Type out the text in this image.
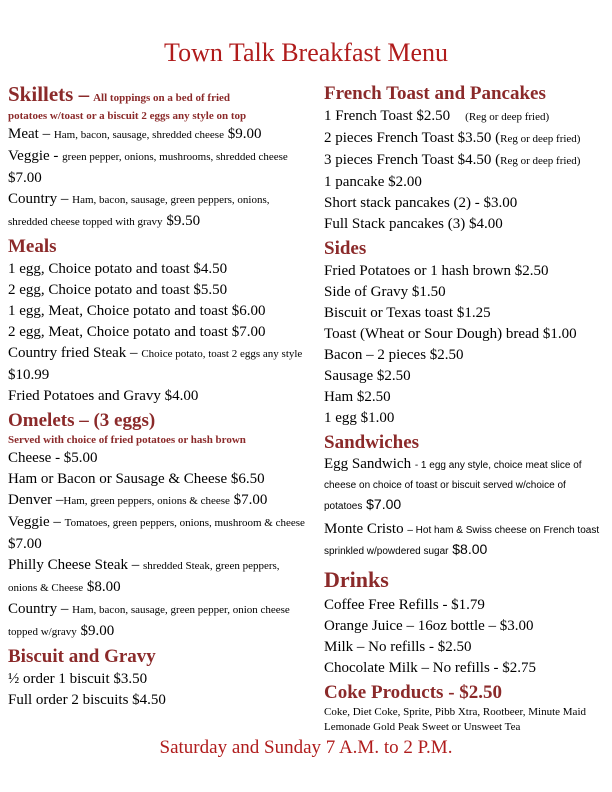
Town Talk Breakfast Menu
Skillets – All toppings on a bed of fried
potatoes w/toast or a biscuit 2 eggs any style on top
Meat – Ham, bacon, sausage, shredded cheese $9.00
Veggie - green pepper, onions, mushrooms, shredded cheese $7.00
Country – Ham, bacon, sausage, green peppers, onions, shredded cheese topped with gravy $9.50
Meals
1 egg, Choice potato and toast $4.50
2 egg, Choice potato and toast $5.50
1 egg, Meat, Choice potato and toast $6.00
2 egg, Meat, Choice potato and toast $7.00
Country fried Steak – Choice potato, toast 2 eggs any style $10.99
Fried Potatoes and Gravy $4.00
Omelets – (3 eggs)
Served with choice of fried potatoes or hash brown
Cheese - $5.00
Ham or Bacon or Sausage & Cheese $6.50
Denver –Ham, green peppers, onions & cheese $7.00
Veggie – Tomatoes, green peppers, onions, mushroom & cheese $7.00
Philly Cheese Steak – shredded Steak, green peppers, onions & Cheese $8.00
Country – Ham, bacon, sausage, green pepper, onion cheese topped w/gravy $9.00
Biscuit and Gravy
½ order 1 biscuit $3.50
Full order 2 biscuits $4.50
French Toast and Pancakes
1 French Toast $2.50 (Reg or deep fried)
2 pieces French Toast $3.50 (Reg or deep fried)
3 pieces French Toast $4.50 (Reg or deep fried)
1 pancake $2.00
Short stack pancakes (2) - $3.00
Full Stack pancakes (3) $4.00
Sides
Fried Potatoes or 1 hash brown $2.50
Side of Gravy $1.50
Biscuit or Texas toast $1.25
Toast (Wheat or Sour Dough) bread $1.00
Bacon – 2 pieces $2.50
Sausage $2.50
Ham $2.50
1 egg $1.00
Sandwiches
Egg Sandwich - 1 egg any style, choice meat slice of cheese on choice of toast or biscuit served w/choice of potatoes $7.00
Monte Cristo – Hot ham & Swiss cheese on French toast sprinkled w/powdered sugar $8.00
Drinks
Coffee Free Refills - $1.79
Orange Juice – 16oz bottle – $3.00
Milk – No refills - $2.50
Chocolate Milk – No refills - $2.75
Coke Products - $2.50
Coke, Diet Coke, Sprite, Pibb Xtra, Rootbeer, Minute Maid Lemonade Gold Peak Sweet or Unsweet Tea
Saturday and Sunday 7 A.M. to 2 P.M.
